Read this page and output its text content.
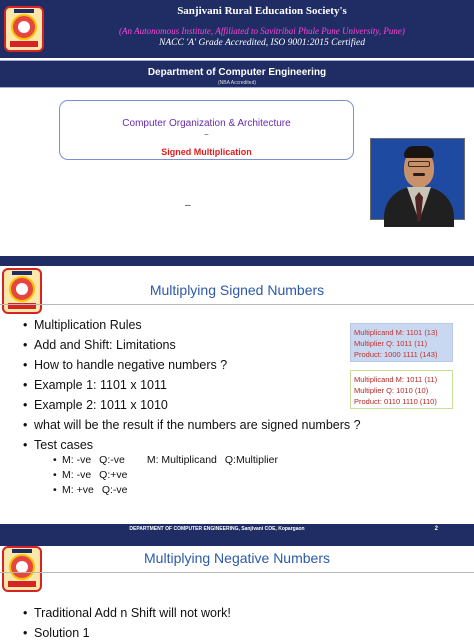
Sanjivani Rural Education Society's
(An Autonomous Institute, Affiliated to Savitribai Phule Pune University, Pune)
NACC 'A' Grade Accredited, ISO 9001:2015 Certified
Department of Computer Engineering
(NBA Accredited)
Computer Organization & Architecture
–
Signed Multiplication
–
Multiplying Signed Numbers
• Multiplication Rules
• Add and Shift: Limitations
• How to handle negative numbers ?
• Example 1: 1101 x 1011
• Example 2: 1011 x 1010
• what will be the result if the numbers are signed numbers ?
• Test cases
• M: -ve Q:-ve M: Multiplicand Q:Multiplier
• M: -ve Q:+ve
• M: +ve Q:-ve
Multiplicand M: 1101 (13)
Multiplier Q: 1011 (11)
Product: 1000 1111 (143)
Multiplicand M: 1011 (11)
Multiplier Q: 1010 (10)
Product: 0110 1110 (110)
DEPARTMENT OF COMPUTER ENGINEERING, Sanjivani COE, Kopargaon	2
Multiplying Negative Numbers
• Traditional Add n Shift will not work!
• Solution 1
